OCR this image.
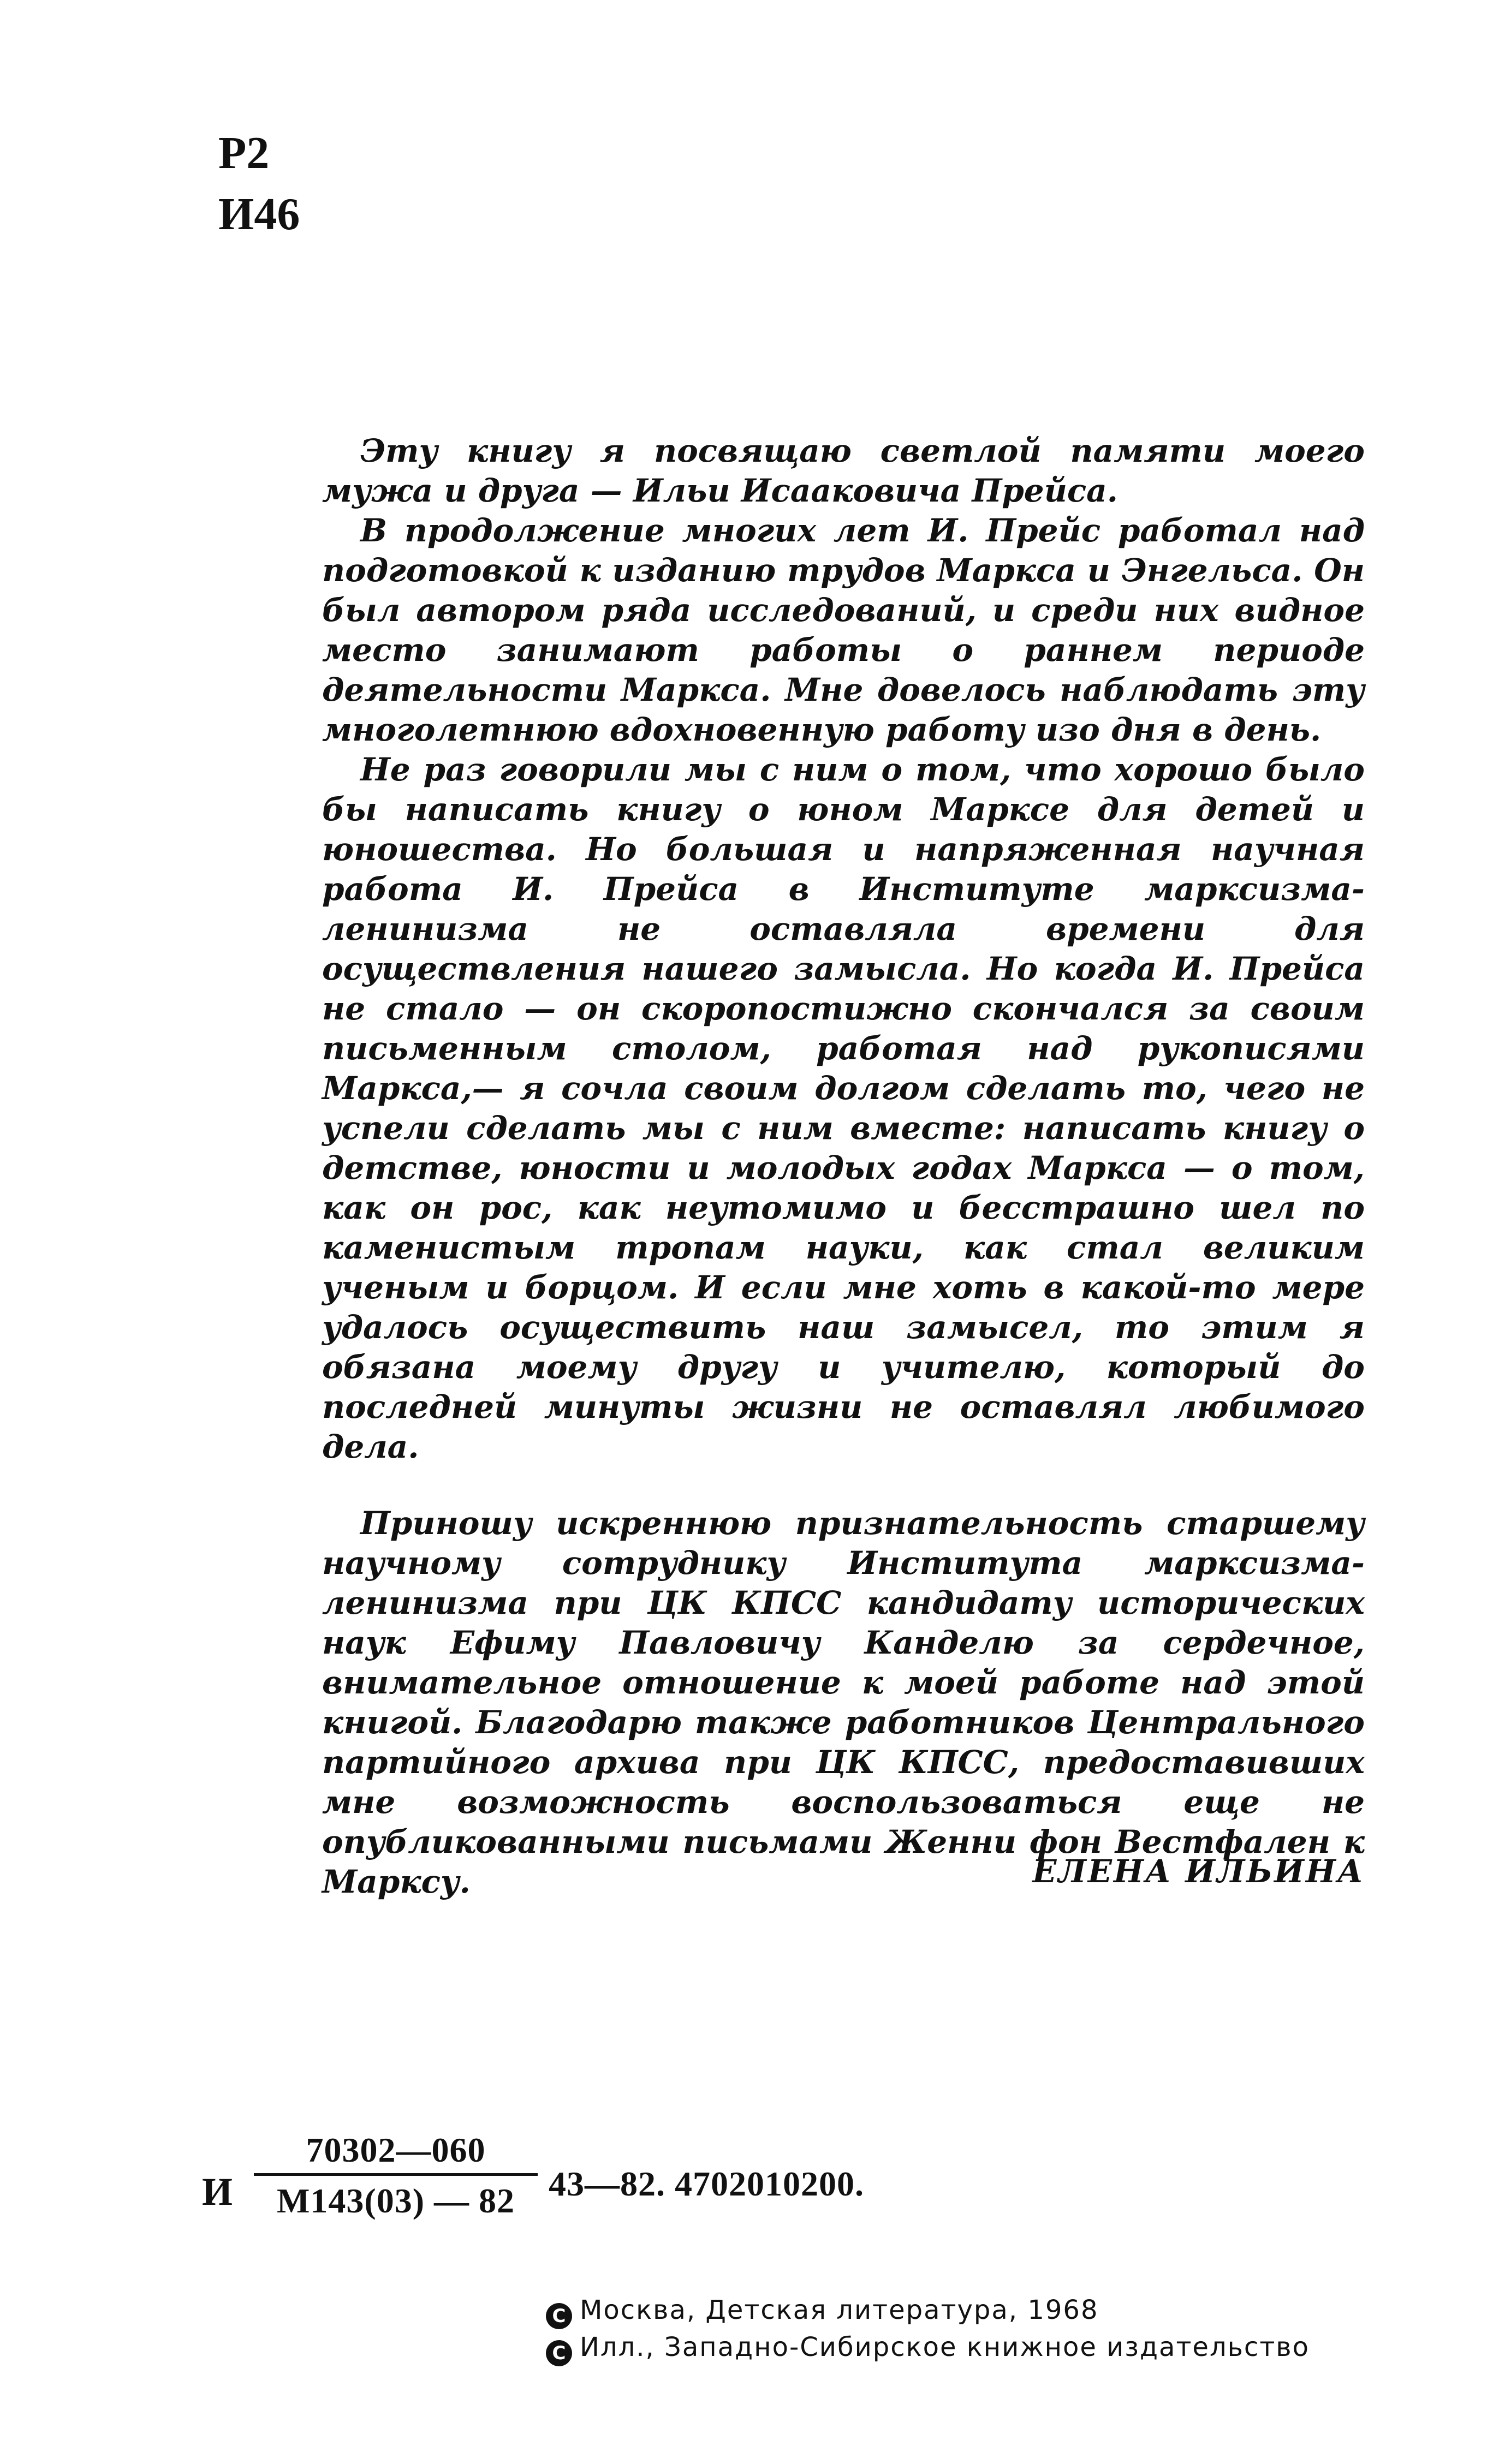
Р2
И46

Эту книгу я посвящаю светлой памяти моего мужа и друга — Ильи Исааковича Прейса.

В продолжение многих лет И. Прейс работал над подготовкой к изданию трудов Маркса и Энгельса. Он был автором ряда исследований, и среди них видное место занимают работы о раннем периоде деятельности Маркса. Мне довелось наблюдать эту многолетнюю вдохновенную работу изо дня в день.

Не раз говорили мы с ним о том, что хорошо было бы написать книгу о юном Марксе для детей и юношества. Но большая и напряженная научная работа И. Прейса в Институте марксизма-ленинизма не оставляла времени для осуществления нашего замысла. Но когда И. Прейса не стало — он скоропостижно скончался за своим письменным столом, работая над рукописями Маркса,— я сочла своим долгом сделать то, чего не успели сделать мы с ним вместе: написать книгу о детстве, юности и молодых годах Маркса — о том, как он рос, как неутомимо и бесстрашно шел по каменистым тропам науки, как стал великим ученым и борцом. И если мне хоть в какой-то мере удалось осуществить наш замысел, то этим я обязана моему другу и учителю, который до последней минуты жизни не оставлял любимого дела.

Приношу искреннюю признательность старшему научному сотруднику Института марксизма-ленинизма при ЦК КПСС кандидату исторических наук Ефиму Павловичу Канделю за сердечное, внимательное отношение к моей работе над этой книгой. Благодарю также работников Центрального партийного архива при ЦК КПСС, предоставивших мне возможность воспользоваться еще не опубликованными письмами Женни фон Вестфален к Марксу.	ЕЛЕНА ИЛЬИНА
И
70302—060
М143(03) — 82 43—82. 4702010200.
C Москва, Детская литература, 1968
C Илл., Западно-Сибирское книжное издательство
